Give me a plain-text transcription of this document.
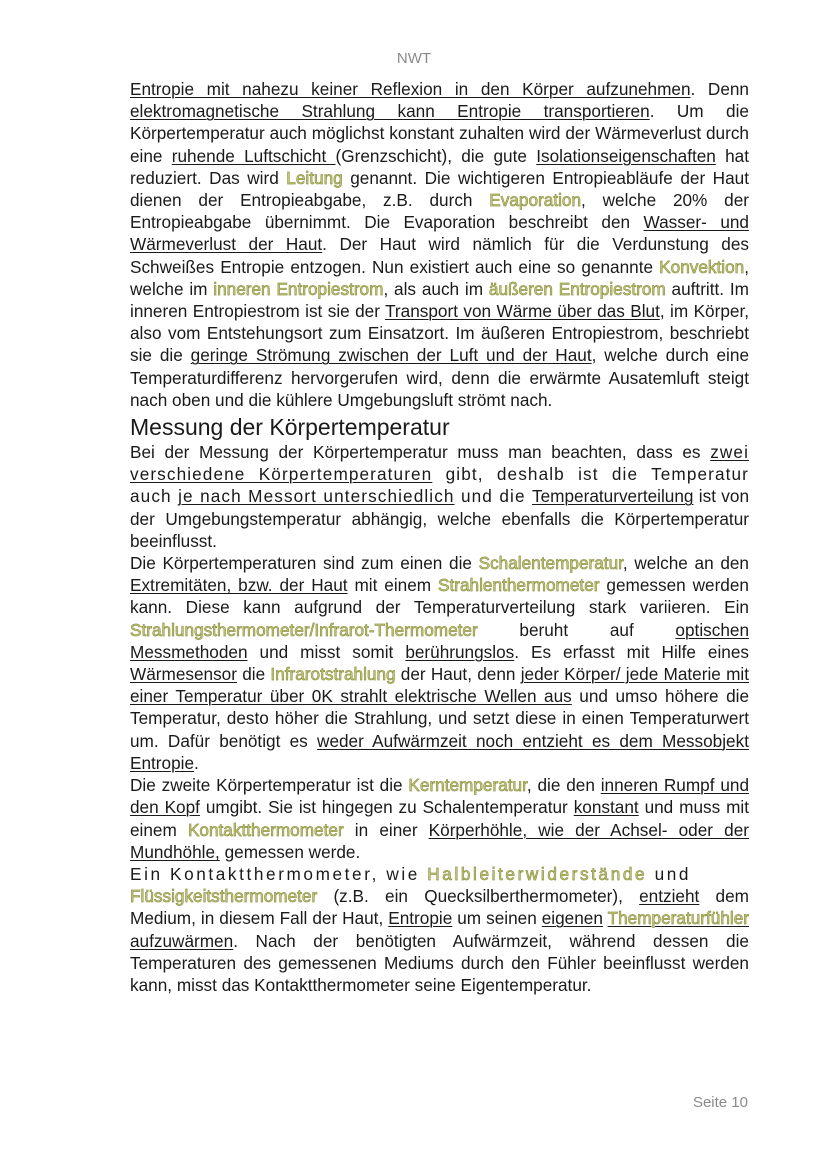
NWT

Entropie mit nahezu keiner Reflexion in den Körper aufzunehmen. Denn elektromagnetische Strahlung kann Entropie transportieren. Um die Körpertemperatur auch möglichst konstant zuhalten wird der Wärmeverlust durch eine ruhende Luftschicht (Grenzschicht), die gute Isolationseigenschaften hat reduziert. Das wird Leitung genannt. Die wichtigeren Entropieabläufe der Haut dienen der Entropieabgabe, z.B. durch Evaporation, welche 20% der Entropieabgabe übernimmt. Die Evaporation beschreibt den Wasser- und Wärmeverlust der Haut. Der Haut wird nämlich für die Verdunstung des Schweißes Entropie entzogen. Nun existiert auch eine so genannte Konvektion, welche im inneren Entropiestrom, als auch im äußeren Entropiestrom auftritt. Im inneren Entropiestrom ist sie der Transport von Wärme über das Blut, im Körper, also vom Entstehungsort zum Einsatzort. Im äußeren Entropiestrom, beschriebt sie die geringe Strömung zwischen der Luft und der Haut, welche durch eine Temperaturdifferenz hervorgerufen wird, denn die erwärmte Ausatemluft steigt nach oben und die kühlere Umgebungsluft strömt nach.

Messung der Körpertemperatur

Bei der Messung der Körpertemperatur muss man beachten, dass es zwei verschiedene Körpertemperaturen gibt, deshalb ist die Temperatur auch je nach Messort unterschiedlich und die Temperaturverteilung ist von der Umgebungstemperatur abhängig, welche ebenfalls die Körpertemperatur beeinflusst.

Die Körpertemperaturen sind zum einen die Schalentemperatur, welche an den Extremitäten, bzw. der Haut mit einem Strahlenthermometer gemessen werden kann. Diese kann aufgrund der Temperaturverteilung stark variieren. Ein Strahlungsthermometer/Infrarot-Thermometer beruht auf optischen Messmethoden und misst somit berührungslos. Es erfasst mit Hilfe eines Wärmesensor die Infrarotstrahlung der Haut, denn jeder Körper/ jede Materie mit einer Temperatur über 0K strahlt elektrische Wellen aus und umso höhere die Temperatur, desto höher die Strahlung, und setzt diese in einen Temperaturwert um. Dafür benötigt es weder Aufwärmzeit noch entzieht es dem Messobjekt Entropie.

Die zweite Körpertemperatur ist die Kerntemperatur, die den inneren Rumpf und den Kopf umgibt. Sie ist hingegen zu Schalentemperatur konstant und muss mit einem Kontaktthermometer in einer Körperhöhle, wie der Achsel- oder der Mundhöhle, gemessen werde.
Ein Kontaktthermometer, wie Halbleiterwiderstände und
Flüssigkeitsthermometer (z.B. ein Quecksilberthermometer), entzieht dem Medium, in diesem Fall der Haut, Entropie um seinen eigenen Themperaturfühler aufzuwärmen. Nach der benötigten Aufwärmzeit, während dessen die Temperaturen des gemessenen Mediums durch den Fühler beeinflusst werden kann, misst das Kontaktthermometer seine Eigentemperatur.

Seite 10
